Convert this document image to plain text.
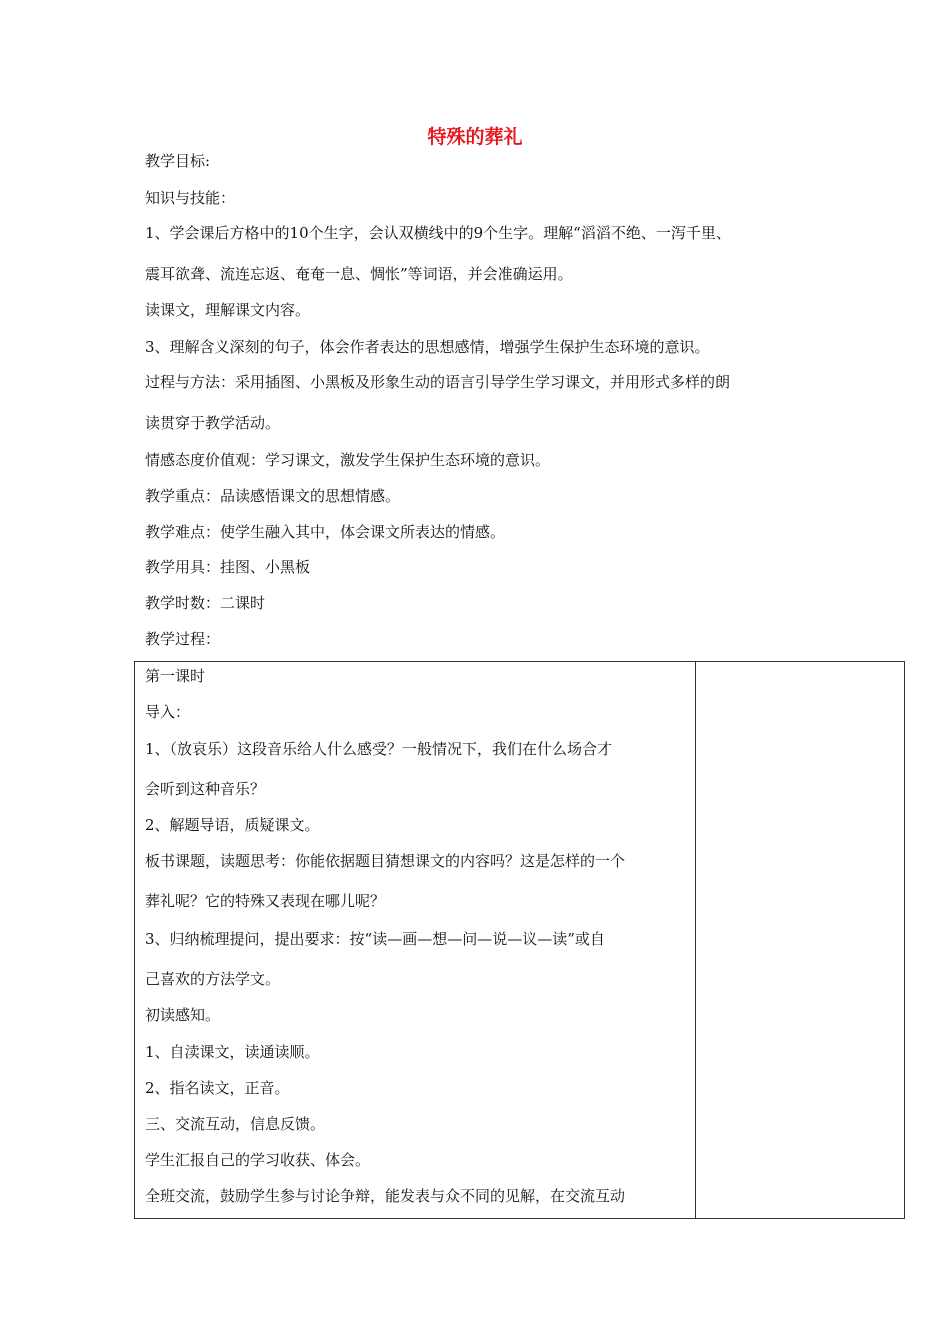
特殊的葬礼
教学目标:
知识与技能：
1、学会课后方格中的10个生字，会认双横线中的9个生字。理解“滔滔不绝、一泻千里、
震耳欲聋、流连忘返、奄奄一息、惆怅”等词语，并会准确运用。
读课文，理解课文内容。
3、理解含义深刻的句子，体会作者表达的思想感情，增强学生保护生态环境的意识。
过程与方法：采用插图、小黑板及形象生动的语言引导学生学习课文，并用形式多样的朗
读贯穿于教学活动。
情感态度价值观：学习课文，激发学生保护生态环境的意识。
教学重点：品读感悟课文的思想情感。
教学难点：使学生融入其中，体会课文所表达的情感。
教学用具：挂图、小黑板
教学时数：二课时
教学过程：
第一课时
导入：
1、（放哀乐）这段音乐给人什么感受？一般情况下，我们在什么场合才
会听到这种音乐？
2、解题导语，质疑课文。
板书课题，读题思考：你能依据题目猜想课文的内容吗？这是怎样的一个
葬礼呢？它的特殊又表现在哪儿呢？
3、归纳梳理提问，提出要求：按“读—画—想—问—说—议—读”或自
己喜欢的方法学文。
初读感知。
1、自渎课文，读通读顺。
2、指名读文，正音。
三、交流互动，信息反馈。
学生汇报自己的学习收获、体会。
全班交流，鼓励学生参与讨论争辩，能发表与众不同的见解，在交流互动
